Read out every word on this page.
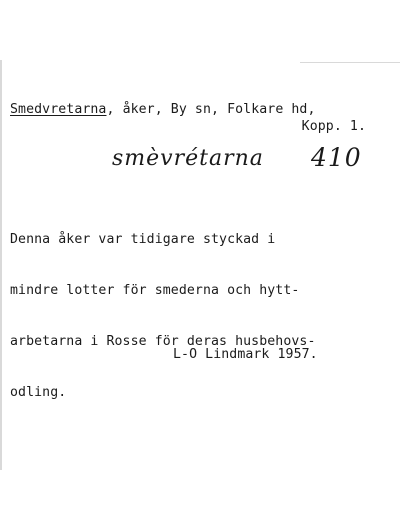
Smedvretarna, åker, By sn, Folkare hd,
Kopp. 1.
smèvrétarna 410

Denna åker var tidigare styckad i

mindre lotter för smederna och hytt-

arbetarna i Rosse för deras husbehovs-

odling.

L-O Lindmark 1957.
